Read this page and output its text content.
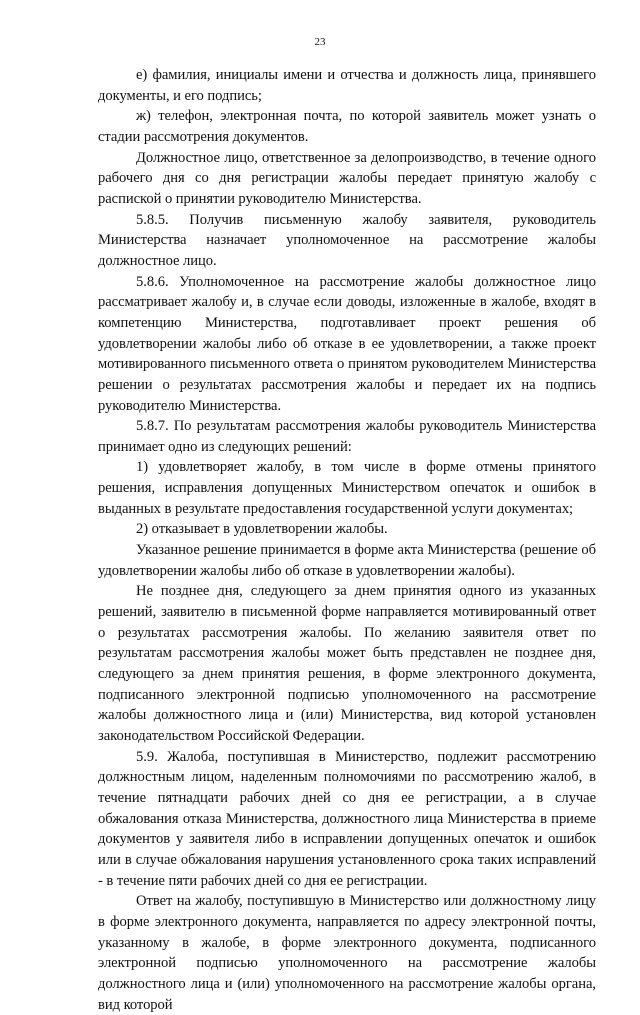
23

е) фамилия, инициалы имени и отчества и должность лица, принявшего документы, и его подпись;

ж) телефон, электронная почта, по которой заявитель может узнать о стадии рассмотрения документов.

Должностное лицо, ответственное за делопроизводство, в течение одного рабочего дня со дня регистрации жалобы передает принятую жалобу с распиской о принятии руководителю Министерства.

5.8.5. Получив письменную жалобу заявителя, руководитель Министерства назначает уполномоченное на рассмотрение жалобы должностное лицо.

5.8.6. Уполномоченное на рассмотрение жалобы должностное лицо рассматривает жалобу и, в случае если доводы, изложенные в жалобе, входят в компетенцию Министерства, подготавливает проект решения об удовлетворении жалобы либо об отказе в ее удовлетворении, а также проект мотивированного письменного ответа о принятом руководителем Министерства решении о результатах рассмотрения жалобы и передает их на подпись руководителю Министерства.

5.8.7. По результатам рассмотрения жалобы руководитель Министерства принимает одно из следующих решений:

1) удовлетворяет жалобу, в том числе в форме отмены принятого решения, исправления допущенных Министерством опечаток и ошибок в выданных в результате предоставления государственной услуги документах;

2) отказывает в удовлетворении жалобы.

Указанное решение принимается в форме акта Министерства (решение об удовлетворении жалобы либо об отказе в удовлетворении жалобы).

Не позднее дня, следующего за днем принятия одного из указанных решений, заявителю в письменной форме направляется мотивированный ответ о результатах рассмотрения жалобы. По желанию заявителя ответ по результатам рассмотрения жалобы может быть представлен не позднее дня, следующего за днем принятия решения, в форме электронного документа, подписанного электронной подписью уполномоченного на рассмотрение жалобы должностного лица и (или) Министерства, вид которой установлен законодательством Российской Федерации.

5.9. Жалоба, поступившая в Министерство, подлежит рассмотрению должностным лицом, наделенным полномочиями по рассмотрению жалоб, в течение пятнадцати рабочих дней со дня ее регистрации, а в случае обжалования отказа Министерства, должностного лица Министерства в приеме документов у заявителя либо в исправлении допущенных опечаток и ошибок или в случае обжалования нарушения установленного срока таких исправлений - в течение пяти рабочих дней со дня ее регистрации.

Ответ на жалобу, поступившую в Министерство или должностному лицу в форме электронного документа, направляется по адресу электронной почты, указанному в жалобе, в форме электронного документа, подписанного электронной подписью уполномоченного на рассмотрение жалобы должностного лица и (или) уполномоченного на рассмотрение жалобы органа, вид которой
